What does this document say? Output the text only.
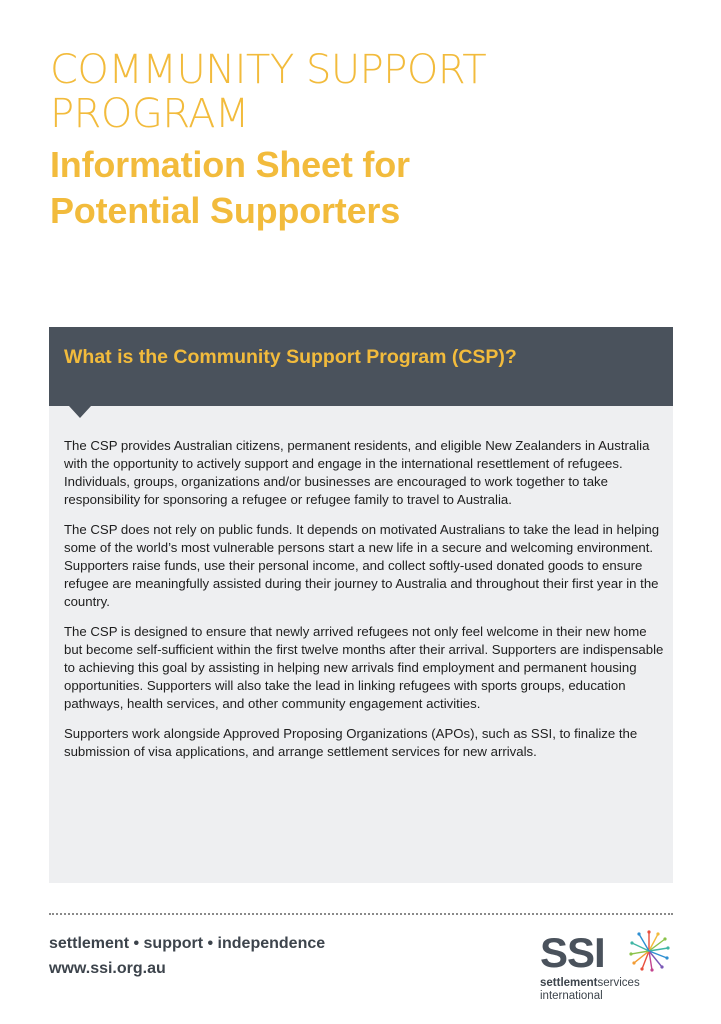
COMMUNITY SUPPORT
PROGRAM
Information Sheet for
Potential Supporters
What is the Community Support Program (CSP)?

The CSP provides Australian citizens, permanent residents, and eligible New Zealanders in Australia with the opportunity to actively support and engage in the international resettlement of refugees. Individuals, groups, organizations and/or businesses are encouraged to work together to take responsibility for sponsoring a refugee or refugee family to travel to Australia.

The CSP does not rely on public funds. It depends on motivated Australians to take the lead in helping some of the world’s most vulnerable persons start a new life in a secure and welcoming environment. Supporters raise funds, use their personal income, and collect softly-used donated goods to ensure refugee are meaningfully assisted during their journey to Australia and throughout their first year in the country.

The CSP is designed to ensure that newly arrived refugees not only feel welcome in their new home but become self-sufficient within the first twelve months after their arrival. Supporters are indispensable to achieving this goal by assisting in helping new arrivals find employment and permanent housing opportunities. Supporters will also take the lead in linking refugees with sports groups, education pathways, health services, and other community engagement activities.

Supporters work alongside Approved Proposing Organizations (APOs), such as SSI, to finalize the submission of visa applications, and arrange settlement services for new arrivals.

settlement • support • independence
www.ssi.org.au	SSI
settlementservices
international
